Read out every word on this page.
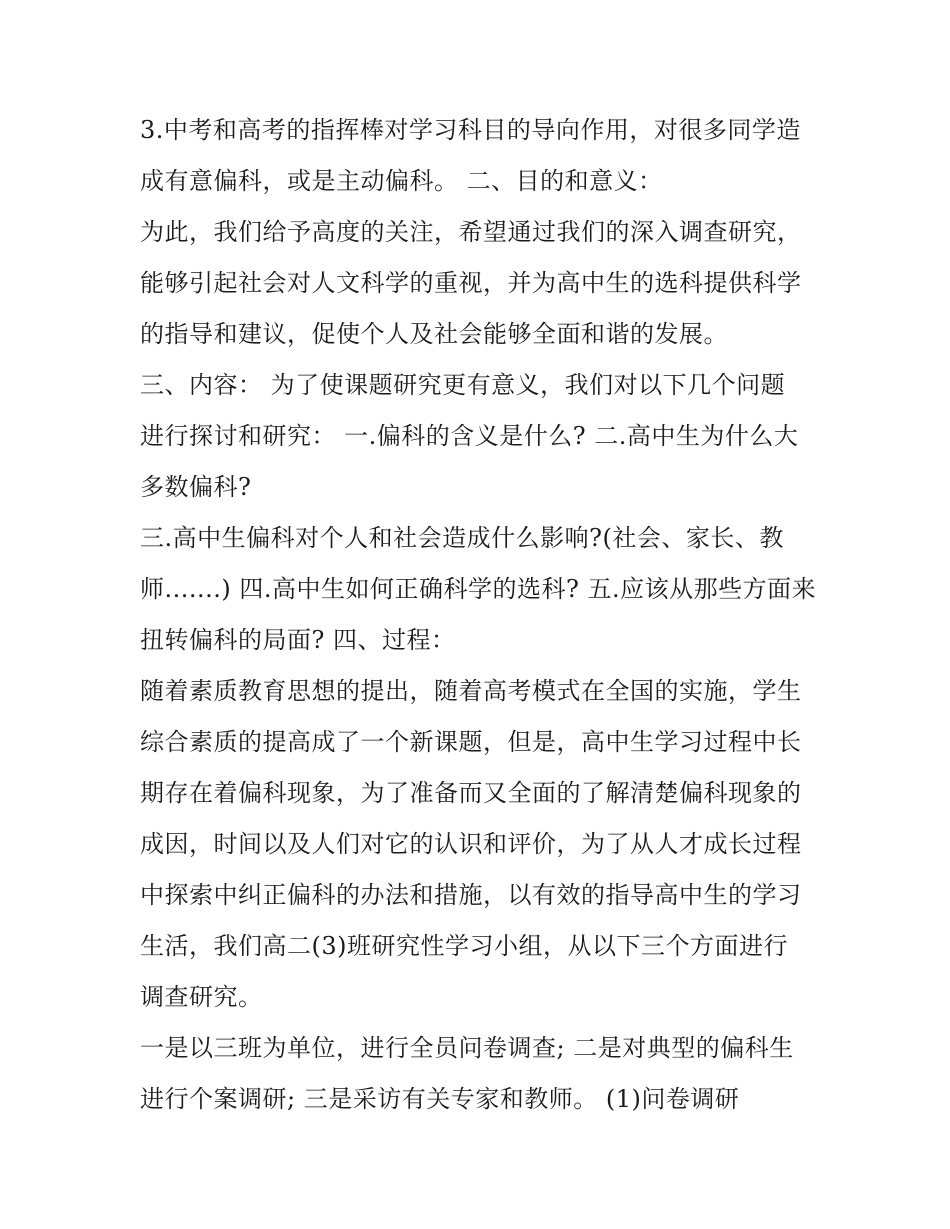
3.中考和高考的指挥棒对学习科目的导向作用，对很多同学造
成有意偏科，或是主动偏科。 二、目的和意义：
为此，我们给予高度的关注，希望通过我们的深入调查研究，
能够引起社会对人文科学的重视，并为高中生的选科提供科学
的指导和建议，促使个人及社会能够全面和谐的发展。
三、内容： 为了使课题研究更有意义，我们对以下几个问题
进行探讨和研究： 一.偏科的含义是什么? 二.高中生为什么大
多数偏科?
三.高中生偏科对个人和社会造成什么影响?(社会、家长、教
师.......) 四.高中生如何正确科学的选科? 五.应该从那些方面来
扭转偏科的局面? 四、过程：
随着素质教育思想的提出，随着高考模式在全国的实施，学生
综合素质的提高成了一个新课题，但是，高中生学习过程中长
期存在着偏科现象，为了准备而又全面的了解清楚偏科现象的
成因，时间以及人们对它的认识和评价，为了从人才成长过程
中探索中纠正偏科的办法和措施，以有效的指导高中生的学习
生活，我们高二(3)班研究性学习小组，从以下三个方面进行
调查研究。
一是以三班为单位，进行全员问卷调查; 二是对典型的偏科生
进行个案调研; 三是采访有关专家和教师。 (1)问卷调研
